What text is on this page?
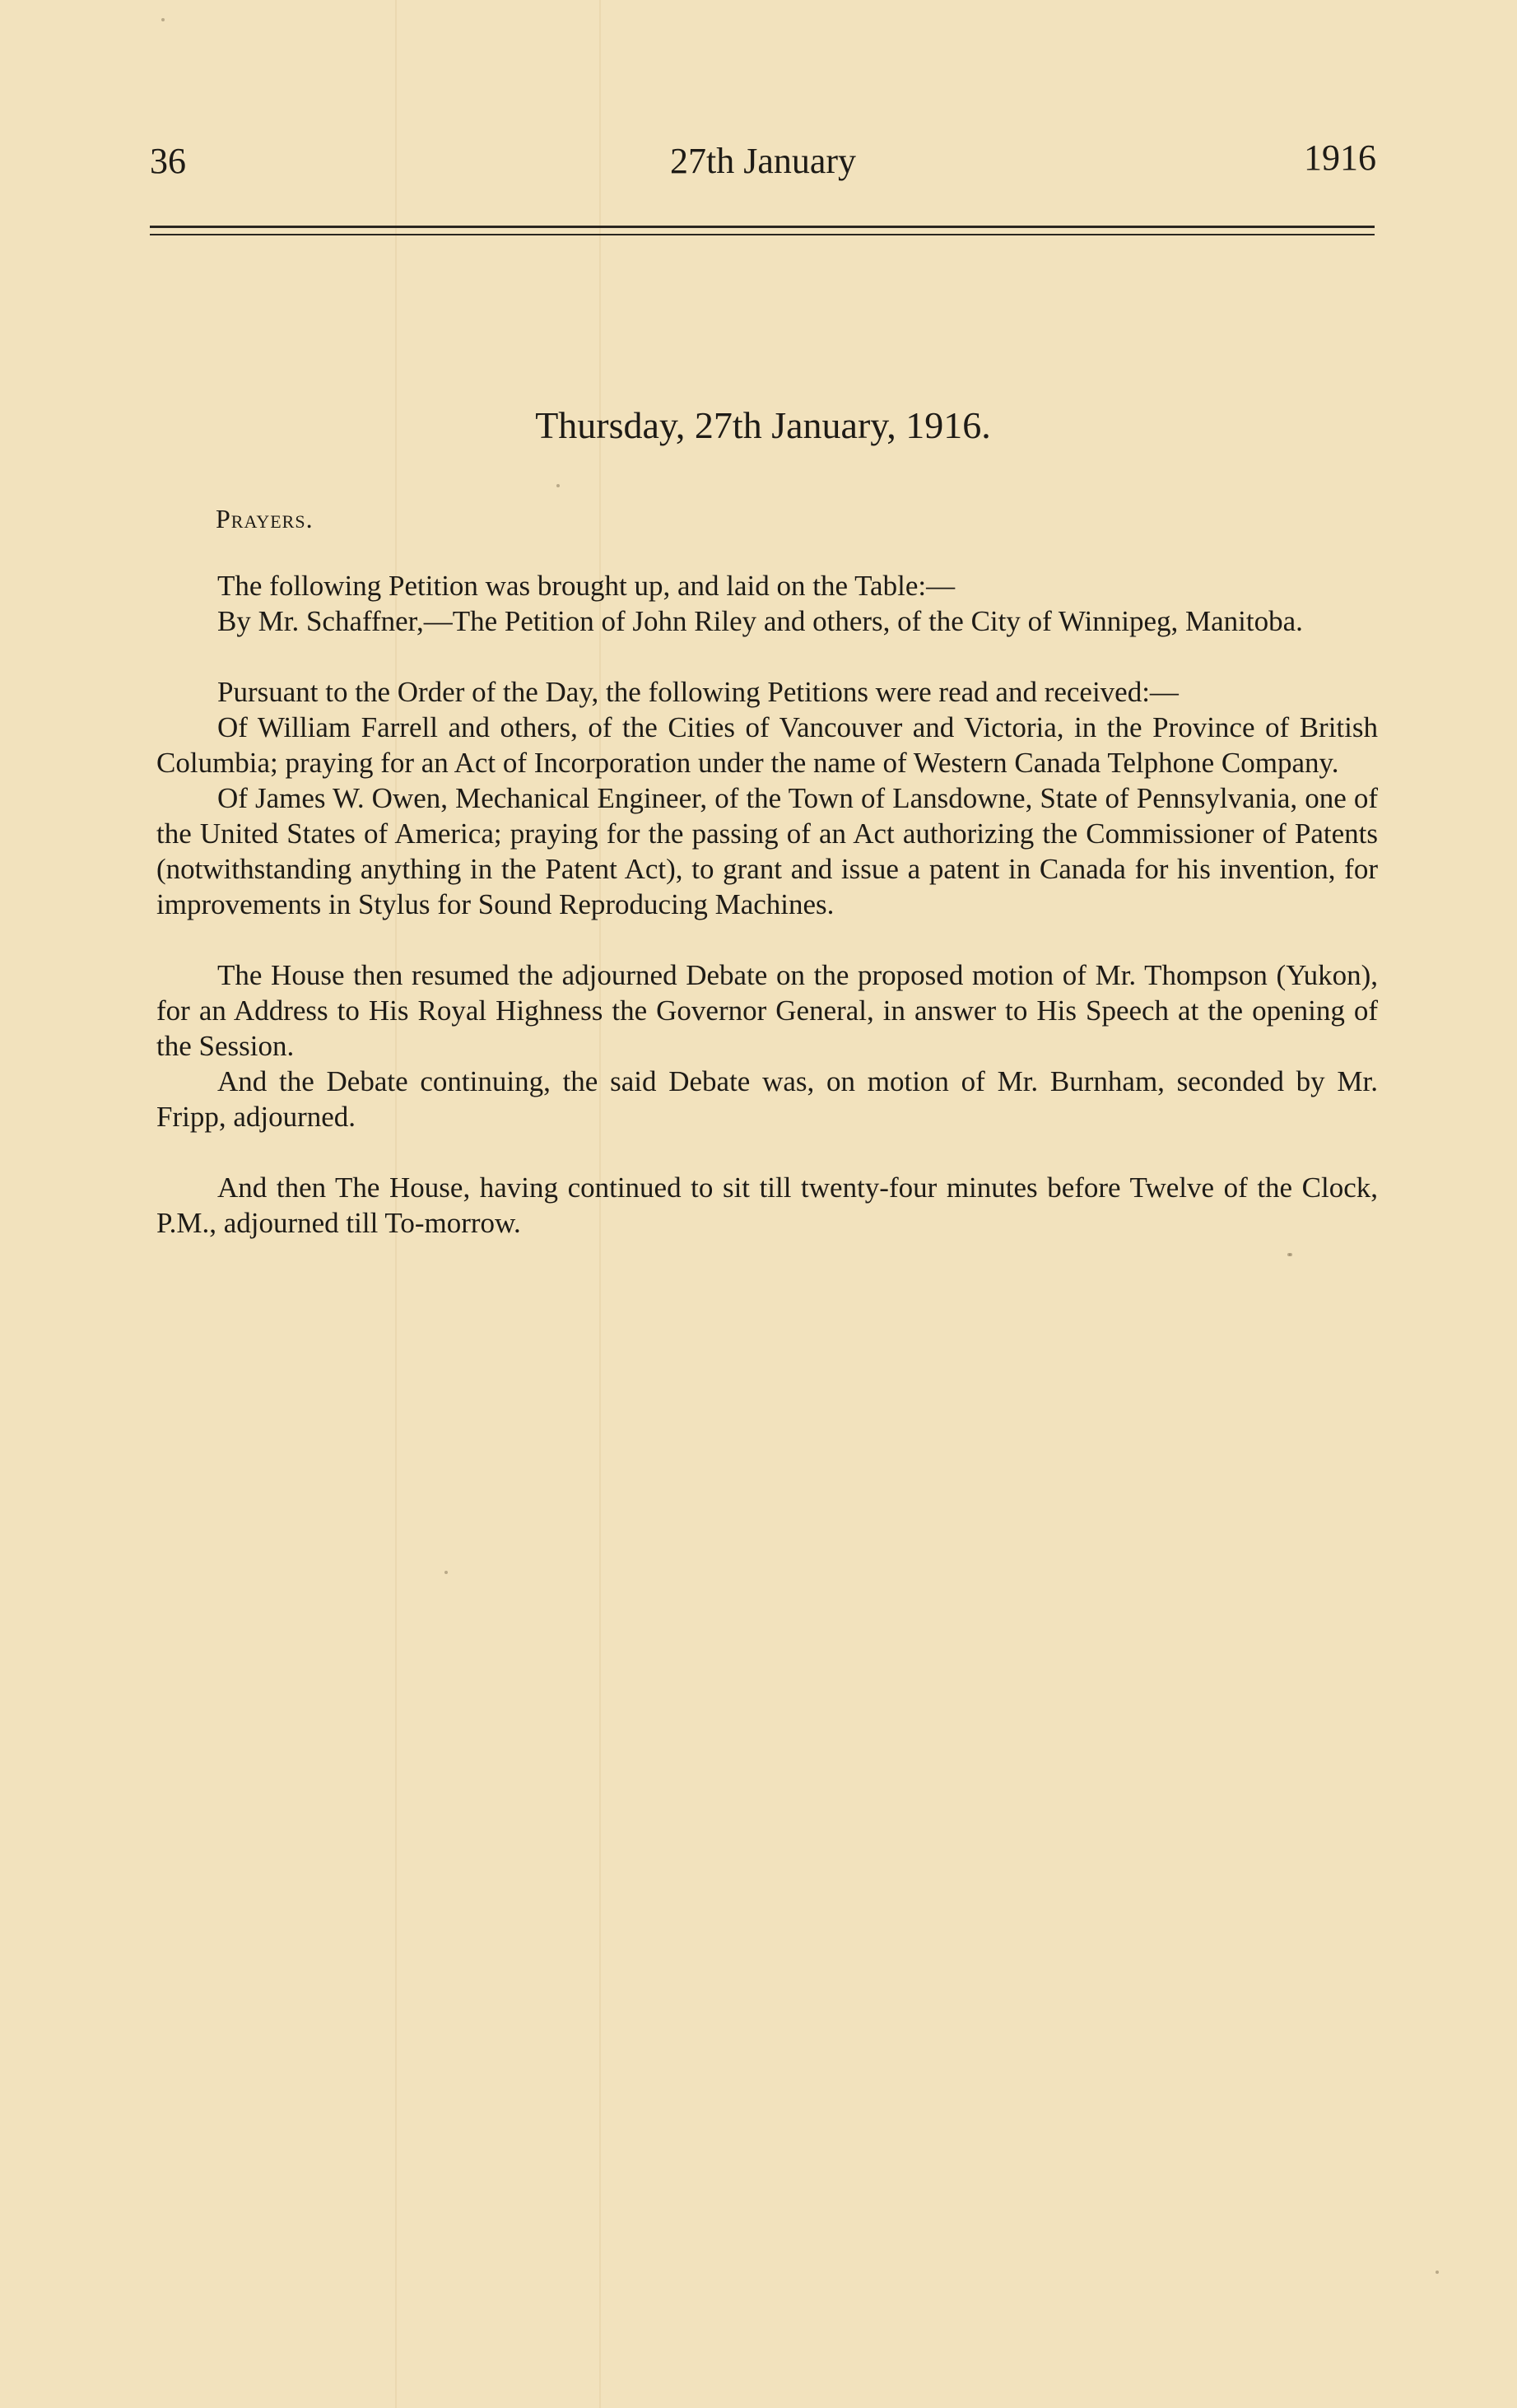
36	27th January	1916
Thursday, 27th January, 1916.
Prayers.

The following Petition was brought up, and laid on the Table:—

By Mr. Schaffner,—The Petition of John Riley and others, of the City of Winnipeg, Manitoba.

Pursuant to the Order of the Day, the following Petitions were read and received:—

Of William Farrell and others, of the Cities of Vancouver and Victoria, in the Province of British Columbia; praying for an Act of Incorporation under the name of Western Canada Telphone Company.

Of James W. Owen, Mechanical Engineer, of the Town of Lansdowne, State of Pennsylvania, one of the United States of America; praying for the passing of an Act authorizing the Commissioner of Patents (notwithstanding anything in the Patent Act), to grant and issue a patent in Canada for his invention, for improvements in Stylus for Sound Reproducing Machines.

The House then resumed the adjourned Debate on the proposed motion of Mr. Thompson (Yukon), for an Address to His Royal Highness the Governor General, in answer to His Speech at the opening of the Session.

And the Debate continuing, the said Debate was, on motion of Mr. Burnham, seconded by Mr. Fripp, adjourned.

And then The House, having continued to sit till twenty-four minutes before Twelve of the Clock, P.M., adjourned till To-morrow.
